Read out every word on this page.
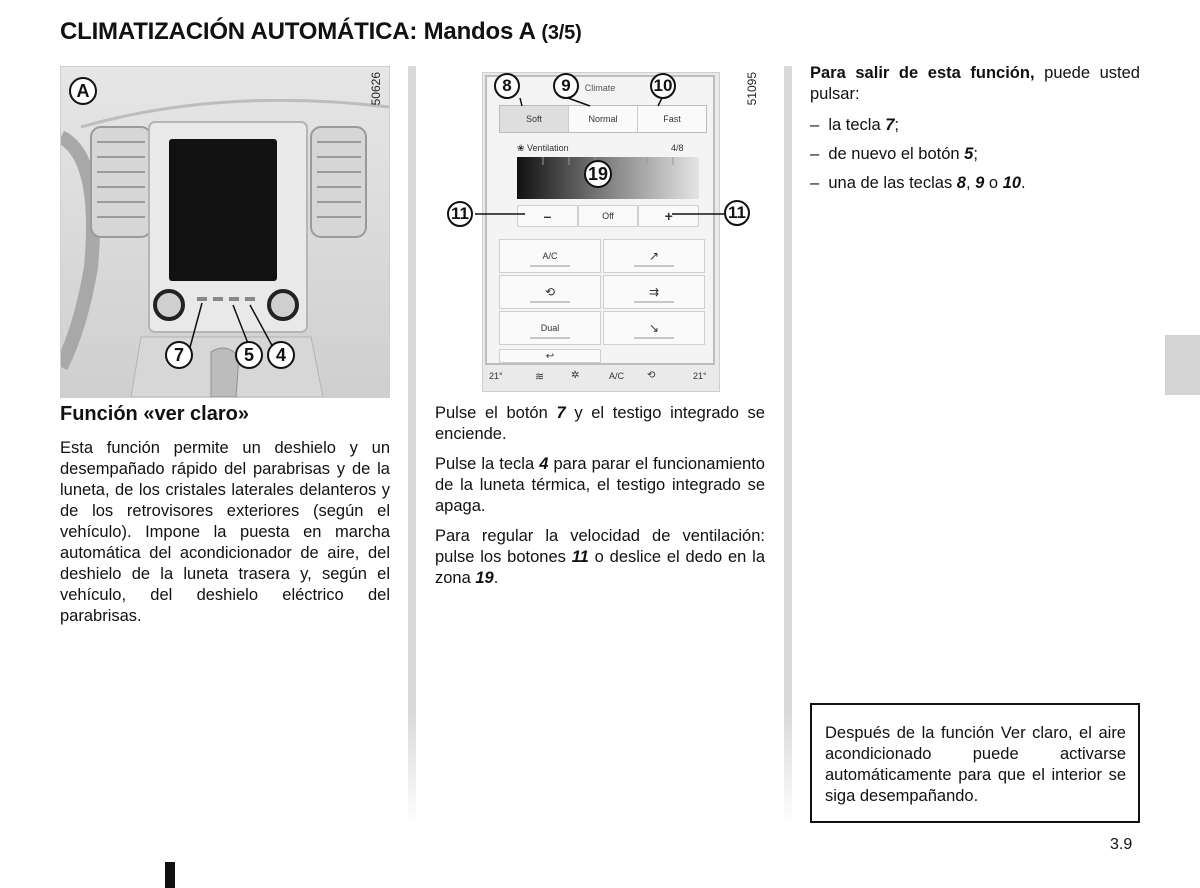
CLIMATIZACIÓN AUTOMÁTICA: Mandos A (3/5)
A
7	5	4
50626	Climate
Soft	Normal	Fast
❀ Ventilation	4/8
–	Off	+
A/C	↗
⟲	⇉
Dual	↘
↩
21°	≋	✲	A/C ⟲	21°
8	9	10
19
11	11
51095
Función «ver claro»

Esta función permite un deshielo y un desempañado rápido del parabrisas y de la luneta, de los cristales laterales delanteros y de los retrovisores exteriores (según el vehículo). Impone la puesta en marcha automática del acondicionador de aire, del deshielo de la luneta trasera y, según el vehículo, del deshielo eléctrico del parabrisas.

Pulse el botón 7 y el testigo integrado se enciende.

Pulse la tecla 4 para parar el funcionamiento de la luneta térmica, el testigo integrado se apaga.

Para regular la velocidad de ventilación: pulse los botones 11 o deslice el dedo en la zona 19.

Para salir de esta función, puede usted pulsar:

– la tecla 7;
– de nuevo el botón 5;
– una de las teclas 8, 9 o 10.

Después de la función Ver claro, el aire acondicionado puede activarse automáticamente para que el interior se siga desempañando.

3.9
